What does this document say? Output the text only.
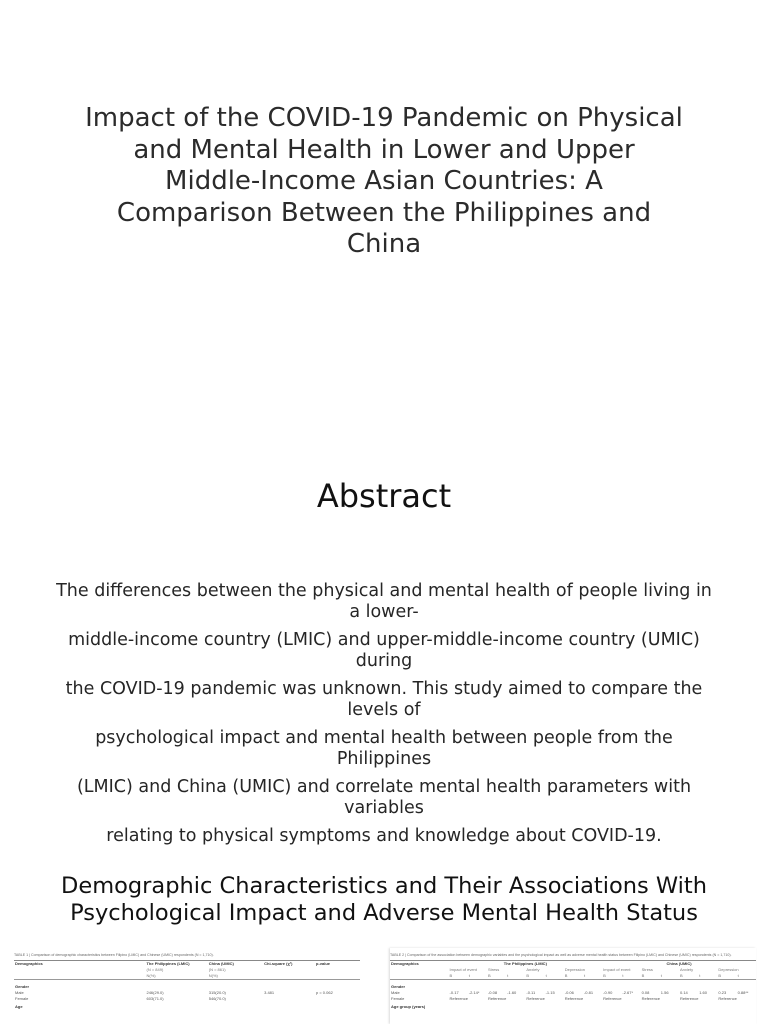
Impact of the COVID-19 Pandemic on Physical and Mental Health in Lower and Upper Middle-Income Asian Countries: A Comparison Between the Philippines and China
Abstract

The differences between the physical and mental health of people living in a lower-

middle-income country (LMIC) and upper-middle-income country (UMIC) during

the COVID-19 pandemic was unknown. This study aimed to compare the levels of

psychological impact and mental health between people from the Philippines

(LMIC) and China (UMIC) and correlate mental health parameters with variables

relating to physical symptoms and knowledge about COVID-19.

Demographic Characteristics and Their Associations With Psychological Impact and Adverse Mental Health Status
TABLE 1 | Comparison of demographic characteristics between Filipino (LMIC) and Chinese (UMIC) respondents (N = 1,710).
Demographics	The Philippines (LMIC)	China (UMIC)	Chi-square (χ²)	p-value
	(N = 849)	(N = 861)		
	N(%)	N(%)		

Gender				
Male	246(29.0)	315(20.0)	3.481	p = 0.062
Female	603(71.0)	546(70.0)		
Age				
TABLE 2 | Comparison of the association between demographic variables and the psychological impact as well as adverse mental health status between Filipino (LMIC) and Chinese (UMIC) respondents (N = 1,710).
Demographics	The Philippines (LMIC)								China (UMIC)							
	Impact of event		Stress		Anxiety		Depression		Impact of event		Stress		Anxiety		Depression	
	B	t	B	t	B	t	B	t	B	t	B	t	B	t	B	t

Gender																
Male	-0.17	-2.14*	-0.08	-1.60	-0.11	-1.15	-0.06	-0.81	-0.90	-2.67*	0.08	1.56	0.14	1.60	0.23	0.88**
Female	Reference		Reference		Reference		Reference		Reference		Reference		Reference		Reference	
Age group (years)																
